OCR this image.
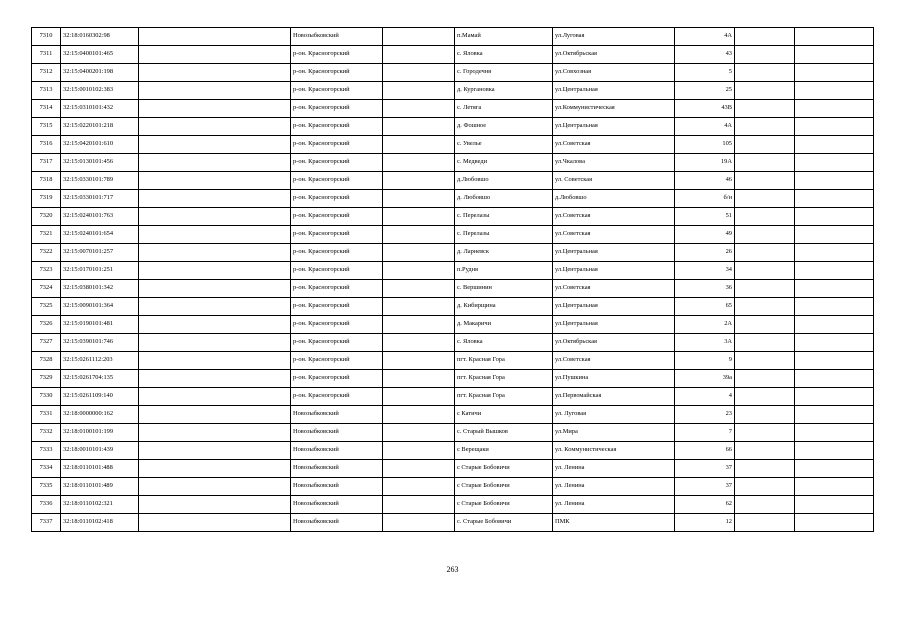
7310	32:18:0160302:98		Новозыбковский		п.Мамай	ул.Луговая	4А		
7311	32:15:0400101:465		р-он. Красногорский		с. Яловка	ул.Октябрьская	43		
7312	32:15:0400201:198		р-он. Красногорский		с. Городечня	ул.Совхозная	5		
7313	32:15:0010102:383		р-он. Красногорский		д. Кургановка	ул.Центральная	25		
7314	32:15:0310101:432		р-он. Красногорский		с. Летяга	ул.Коммунистическая	43В		
7315	32:15:0220101:218		р-он. Красногорский		д. Фошное	ул.Центральная	4А		
7316	32:15:0420101:610		р-он. Красногорский		с. Увелье	ул.Советская	105		
7317	32:15:0130101:456		р-он. Красногорский		с. Медведи	ул.Чкалова	19А		
7318	32:15:0330101:789		р-он. Красногорский		д.Любовшо	ул. Советская	46		
7319	32:15:0330101:717		р-он. Красногорский		д. Любовшо	д.Любовшо	б/н		
7320	32:15:0240101:763		р-он. Красногорский		с. Перелазы	ул.Советская	51		
7321	32:15:0240101:654		р-он. Красногорский		с. Перелазы	ул.Советская	49		
7322	32:15:0070101:257		р-он. Красногорский		д. Ларневск	ул.Центральная	26		
7323	32:15:0170101:251		р-он. Красногорский		п.Рудня	ул.Центральная	34		
7324	32:15:0380101:342		р-он. Красногорский		с. Вершинин	ул.Советская	36		
7325	32:15:0090101:364		р-он. Красногорский		д. Кибирщина	ул.Центральная	65		
7326	32:15:0190101:481		р-он. Красногорский		д. Макаричи	ул.Центральная	2А		
7327	32:15:0390101:746		р-он. Красногорский		с. Яловка	ул.Октябрьская	3А		
7328	32:15:0261112:203		р-он. Красногорский		пгт. Красная Гора	ул.Советская	9		
7329	32:15:0261704:135		р-он. Красногорский		пгт. Красная Гора	ул.Пушкина	39а		
7330	32:15:0261109:140		р-он. Красногорский		пгт. Красная Гора	ул.Первомайская	4		
7331	32:18:0000000:162		Новозыбковский		с Катичи	ул. Луговая	23		
7332	32:18:0100101:199		Новозыбковский		с. Старый Вышков	ул.Мира	7		
7333	32:18:0010101:439		Новозыбковский		с Верещаки	ул. Коммунистическая	66		
7334	32:18:0110101:488		Новозыбковский		с Старые Бобовичи	ул. Ленина	37		
7335	32:18:0110101:489		Новозыбковский		с Старые Бобовичи	ул. Ленина	37		
7336	32:18:0110102:321		Новозыбковский		с Старые Бобовичи	ул. Ленина	62		
7337	32:18:0110102:418		Новозыбковский		с. Старые Бобовичи	ПМК	12		
263
